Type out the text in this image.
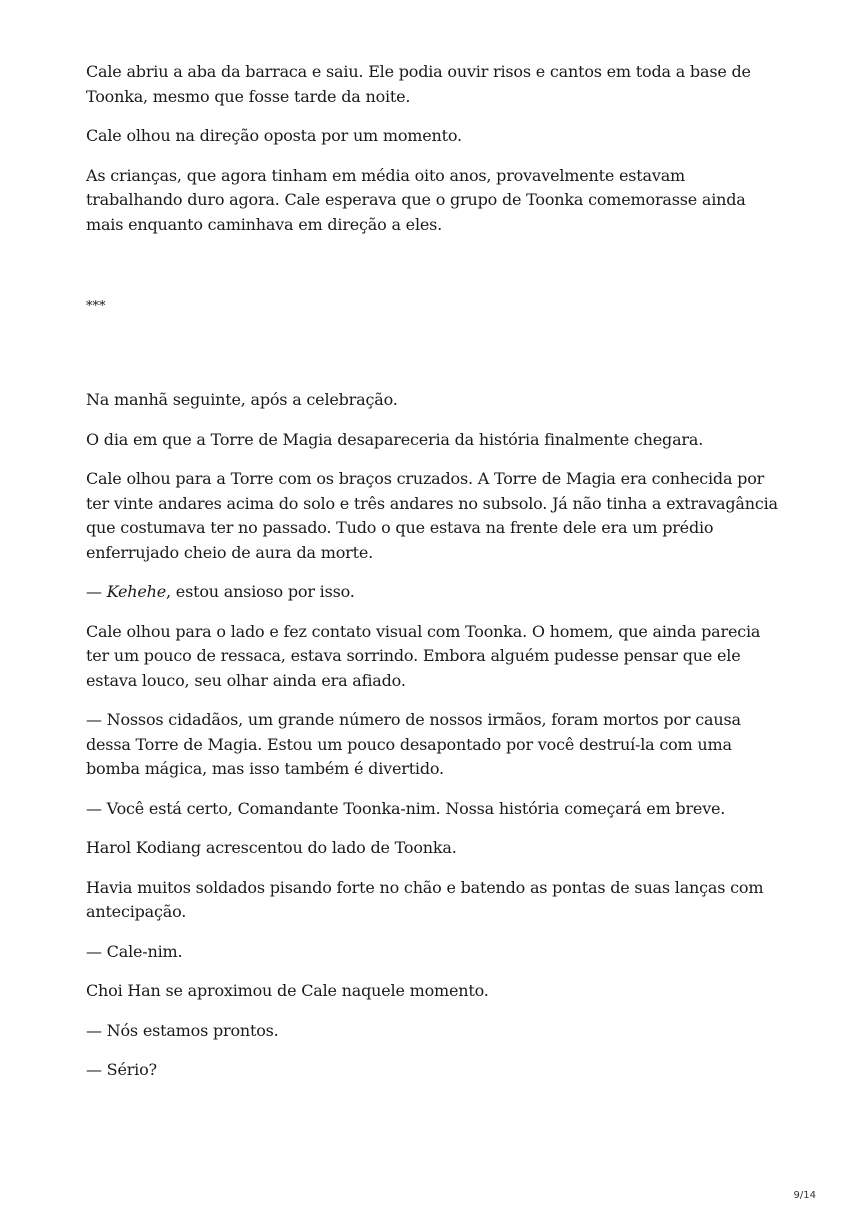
Cale abriu a aba da barraca e saiu. Ele podia ouvir risos e cantos em toda a base de Toonka, mesmo que fosse tarde da noite.

Cale olhou na direção oposta por um momento.

As crianças, que agora tinham em média oito anos, provavelmente estavam trabalhando duro agora. Cale esperava que o grupo de Toonka comemorasse ainda mais enquanto caminhava em direção a eles.

***

Na manhã seguinte, após a celebração.

O dia em que a Torre de Magia desapareceria da história finalmente chegara.

Cale olhou para a Torre com os braços cruzados. A Torre de Magia era conhecida por ter vinte andares acima do solo e três andares no subsolo. Já não tinha a extravagância que costumava ter no passado. Tudo o que estava na frente dele era um prédio enferrujado cheio de aura da morte.

— Kehehe, estou ansioso por isso.

Cale olhou para o lado e fez contato visual com Toonka. O homem, que ainda parecia ter um pouco de ressaca, estava sorrindo. Embora alguém pudesse pensar que ele estava louco, seu olhar ainda era afiado.

— Nossos cidadãos, um grande número de nossos irmãos, foram mortos por causa dessa Torre de Magia. Estou um pouco desapontado por você destruí-la com uma bomba mágica, mas isso também é divertido.

— Você está certo, Comandante Toonka-nim. Nossa história começará em breve.

Harol Kodiang acrescentou do lado de Toonka.

Havia muitos soldados pisando forte no chão e batendo as pontas de suas lanças com antecipação.

— Cale-nim.

Choi Han se aproximou de Cale naquele momento.

— Nós estamos prontos.

— Sério?

9/14
